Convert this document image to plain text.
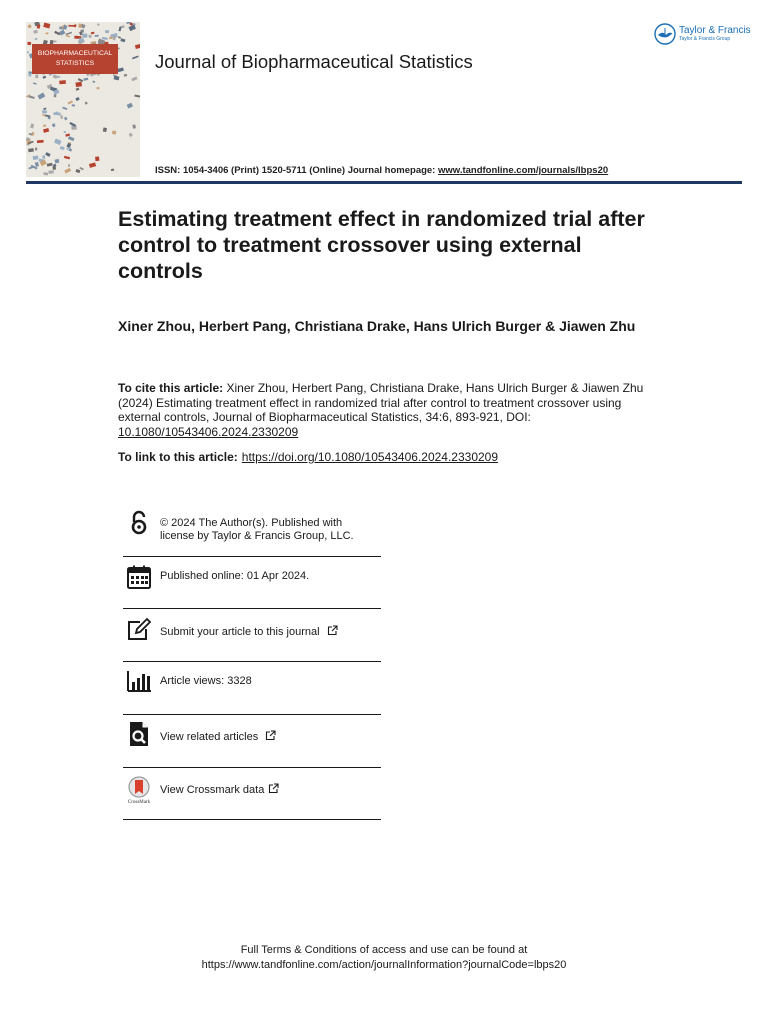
BIOPHARMACEUTICAL
STATISTICS	Journal of Biopharmaceutical Statistics
ISSN: 1054-3406 (Print) 1520-5711 (Online) Journal homepage: www.tandfonline.com/journals/lbps20
Taylor & Francis
Taylor & Francis Group
Estimating treatment effect in randomized trial after control to treatment crossover using external controls
Xiner Zhou, Herbert Pang, Christiana Drake, Hans Ulrich Burger & Jiawen Zhu
To cite this article: Xiner Zhou, Herbert Pang, Christiana Drake, Hans Ulrich Burger & Jiawen Zhu (2024) Estimating treatment effect in randomized trial after control to treatment crossover using external controls, Journal of Biopharmaceutical Statistics, 34:6, 893-921, DOI: 10.1080/10543406.2024.2330209
To link to this article: https://doi.org/10.1080/10543406.2024.2330209
© 2024 The Author(s). Published with
license by Taylor & Francis Group, LLC.
Published online: 01 Apr 2024.
Submit your article to this journal
Article views: 3328
View related articles
CrossMark
View Crossmark data
Full Terms & Conditions of access and use can be found at
https://www.tandfonline.com/action/journalInformation?journalCode=lbps20
